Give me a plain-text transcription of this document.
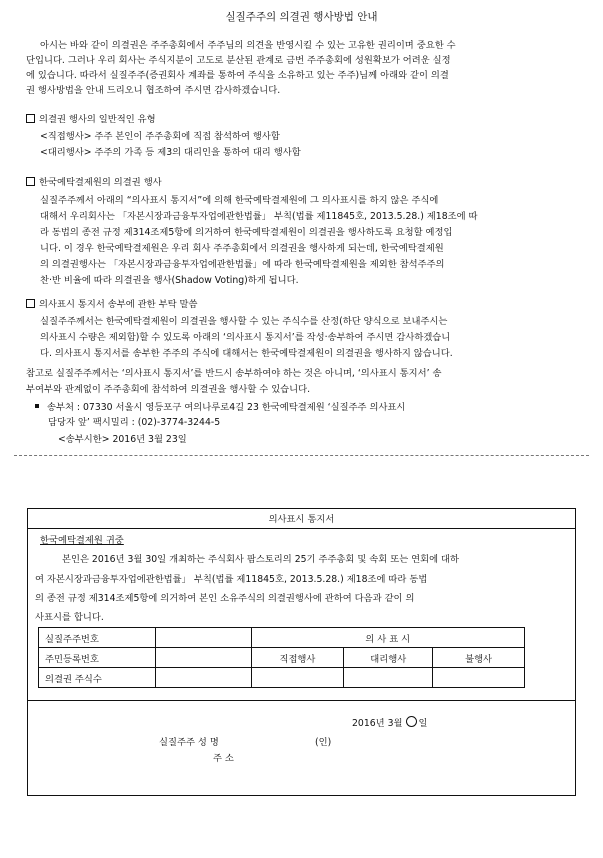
실질주주의 의결권 행사방법 안내
아시는 바와 같이 의결권은 주주총회에서 주주님의 의견을 반영시킬 수 있는 고유한 권리이며 중요한 수
단입니다. 그러나 우리 회사는 주식지분이 고도로 분산된 관계로 금번 주주총회에 성원확보가 어려운 실정
에 있습니다. 따라서 실질주주(증권회사 계좌를 통하여 주식을 소유하고 있는 주주)님께 아래와 같이 의결
권 행사방법을 안내 드리오니 협조하여 주시면 감사하겠습니다.
의결권 행사의 일반적인 유형
<직접행사> 주주 본인이 주주총회에 직접 참석하여 행사함
<대리행사> 주주의 가족 등 제3의 대리인을 통하여 대리 행사함
한국예탁결제원의 의결권 행사
실질주주께서 아래의 “의사표시 통지서”에 의해 한국예탁결제원에 그 의사표시를 하지 않은 주식에
대해서 우리회사는 「자본시장과금융투자업에관한법률」 부칙(법률 제11845호, 2013.5.28.) 제18조에 따
라 동법의 종전 규정 제314조제5항에 의거하여 한국예탁결제원이 의결권을 행사하도록 요청할 예정입
니다. 이 경우 한국예탁결제원은 우리 회사 주주총회에서 의결권을 행사하게 되는데, 한국예탁결제원
의 의결권행사는 「자본시장과금융투자업에관한법률」에 따라 한국예탁결제원을 제외한 참석주주의
찬·반 비율에 따라 의결권을 행사(Shadow Voting)하게 됩니다.
의사표시 통지서 송부에 관한 부탁 말씀
실질주주께서는 한국예탁결제원이 의결권을 행사할 수 있는 주식수를 산정(하단 양식으로 보내주시는
의사표시 수량은 제외함)할 수 있도록 아래의 ‘의사표시 통지서’를 작성·송부하여 주시면 감사하겠습니
다. 의사표시 통지서를 송부한 주주의 주식에 대해서는 한국예탁결제원이 의결권을 행사하지 않습니다.
참고로 실질주주께서는 ‘의사표시 통지서’를 반드시 송부하여야 하는 것은 아니며, ‘의사표시 통지서’ 송
부여부와 관계없이 주주총회에 참석하여 의결권을 행사할 수 있습니다.
송부처 : 07330 서울시 영등포구 여의나루로4길 23 한국예탁결제원 ‘실질주주 의사표시
담당자 앞’ 팩시밀리 : (02)-3774-3244-5
<송부시한> 2016년 3월 23일
의사표시 통지서
한국예탁결제원 귀중
본인은 2016년 3월 30일 개최하는 주식회사 팜스토리의 25기 주주총회 및 속회 또는 연회에 대하
여 자본시장과금융투자업에관한법률」 부칙(법률 제11845호, 2013.5.28.) 제18조에 따라 동법
의 종전 규정 제314조제5항에 의거하여 본인 소유주식의 의결권행사에 관하여 다음과 같이 의
사표시를 합니다.
실질주주번호		의 사 표 시		
주민등록번호		직접행사	대리행사	불행사
의결권 주식수				
2016년 3월 일
실질주주 성 명	(인)
주 소
